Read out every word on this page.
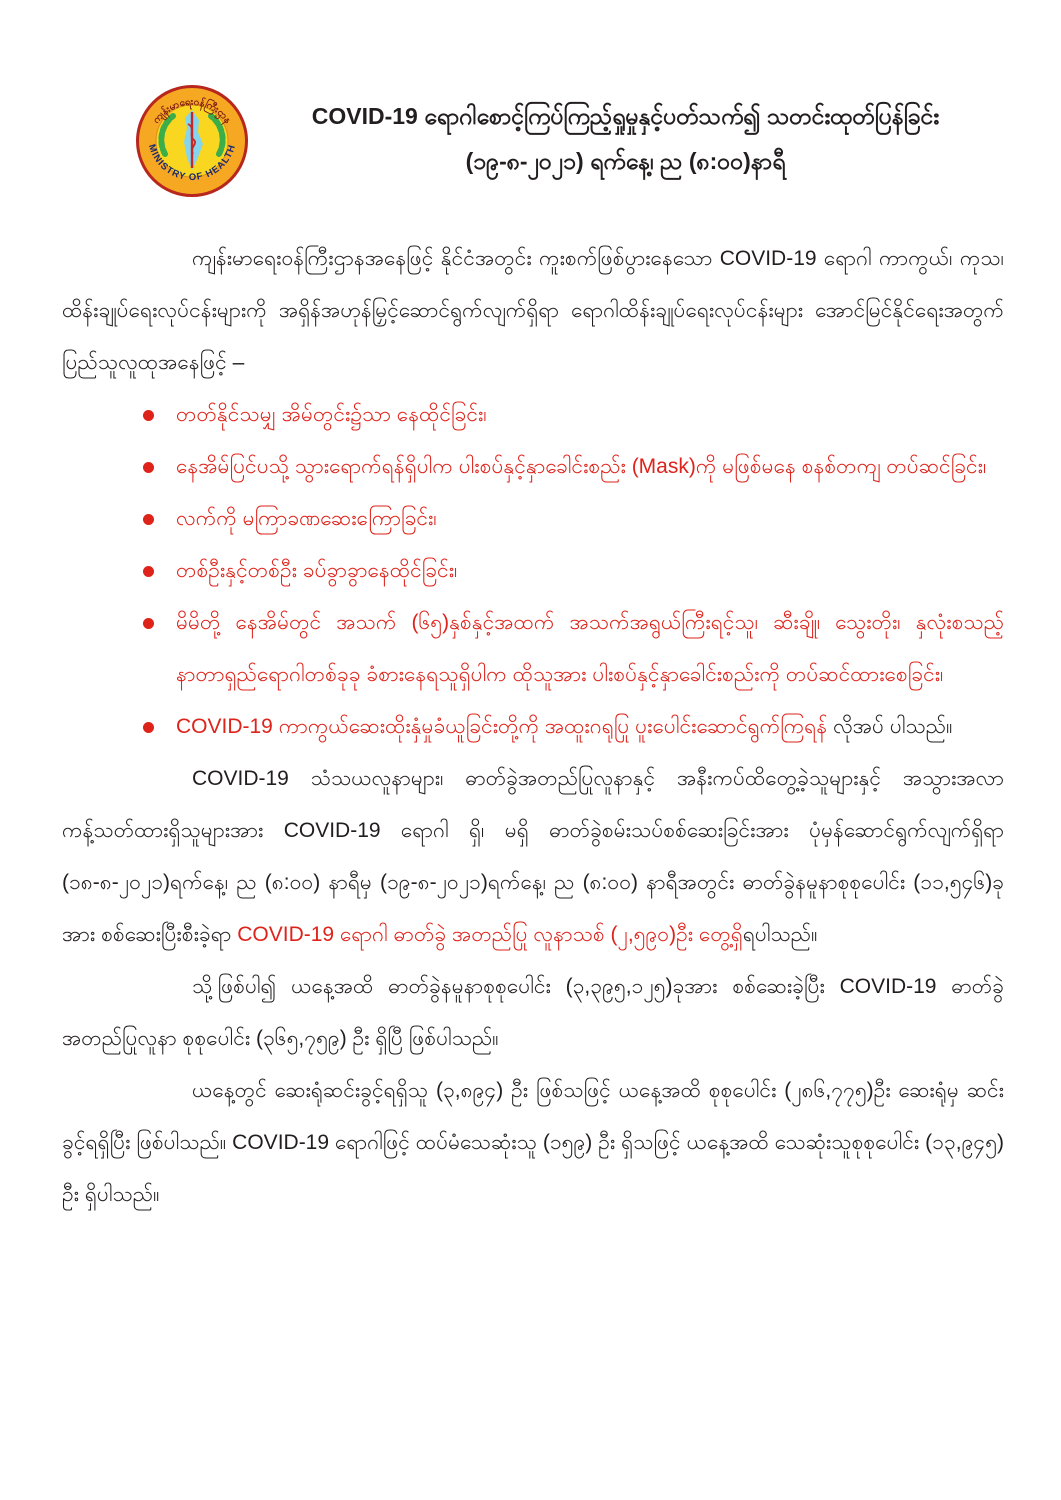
ကျန်းမာရေးဝန်ကြီးဌာန
MINISTRY OF HEALTH
COVID-19 ရောဂါစောင့်ကြပ်ကြည့်ရှုမှုနှင့်ပတ်သက်၍ သတင်းထုတ်ပြန်ခြင်း
(၁၉-၈-၂၀၂၁) ရက်နေ့၊ ည (၈:၀၀)နာရီ

ကျန်းမာရေးဝန်ကြီးဌာနအနေဖြင့် နိုင်ငံအတွင်း ကူးစက်ဖြစ်ပွားနေသော COVID-19 ရောဂါ ကာကွယ်၊ ကုသ၊ ထိန်းချုပ်ရေးလုပ်ငန်းများကို အရှိန်အဟုန်မြှင့်ဆောင်ရွက်လျက်ရှိရာ ရောဂါထိန်းချုပ်ရေးလုပ်ငန်းများ အောင်မြင်နိုင်ရေးအတွက် ပြည်သူလူထုအနေဖြင့် –

တတ်နိုင်သမျှ အိမ်တွင်း၌သာ နေထိုင်ခြင်း၊
နေအိမ်ပြင်ပသို့ သွားရောက်ရန်ရှိပါက ပါးစပ်နှင့်နှာခေါင်းစည်း (Mask)ကို မဖြစ်မနေ စနစ်တကျ တပ်ဆင်ခြင်း၊
လက်ကို မကြာခဏဆေးကြောခြင်း၊
တစ်ဦးနှင့်တစ်ဦး ခပ်ခွာခွာနေထိုင်ခြင်း၊
မိမိတို့ နေအိမ်တွင် အသက် (၆၅)နှစ်နှင့်အထက် အသက်အရွယ်ကြီးရင့်သူ၊ ဆီးချို၊ သွေးတိုး၊ နှလုံးစသည့် နာတာရှည်ရောဂါတစ်ခုခု ခံစားနေရသူရှိပါက ထိုသူအား ပါးစပ်နှင့်နှာခေါင်းစည်းကို တပ်ဆင်ထားစေခြင်း၊
COVID-19 ကာကွယ်ဆေးထိုးနှံမှုခံယူခြင်းတို့ကို အထူးဂရုပြု ပူးပေါင်းဆောင်ရွက်ကြရန် လိုအပ် ပါသည်။

COVID-19 သံသယလူနာများ၊ ဓာတ်ခွဲအတည်ပြုလူနာနှင့် အနီးကပ်ထိတွေ့ခဲ့သူများနှင့် အသွားအလာကန့်သတ်ထားရှိသူများအား COVID-19 ရောဂါ ရှိ၊ မရှိ ဓာတ်ခွဲစမ်းသပ်စစ်ဆေးခြင်းအား ပုံမှန်ဆောင်ရွက်လျက်ရှိရာ (၁၈-၈-၂၀၂၁)ရက်နေ့၊ ည (၈:၀၀) နာရီမှ (၁၉-၈-၂၀၂၁)ရက်နေ့၊ ည (၈:၀၀) နာရီအတွင်း ဓာတ်ခွဲနမူနာစုစုပေါင်း (၁၁,၅၄၆)ခုအား စစ်ဆေးပြီးစီးခဲ့ရာ COVID-19 ရောဂါ ဓာတ်ခွဲ အတည်ပြု လူနာသစ် (၂,၅၉၀)ဦး တွေ့ရှိရပါသည်။

သို့ဖြစ်ပါ၍ ယနေ့အထိ ဓာတ်ခွဲနမူနာစုစုပေါင်း (၃,၃၉၅,၁၂၅)ခုအား စစ်ဆေးခဲ့ပြီး COVID-19 ဓာတ်ခွဲ အတည်ပြုလူနာ စုစုပေါင်း (၃၆၅,၇၅၉) ဦး ရှိပြီ ဖြစ်ပါသည်။

ယနေ့တွင် ဆေးရုံဆင်းခွင့်ရရှိသူ (၃,၈၉၄) ဦး ဖြစ်သဖြင့် ယနေ့အထိ စုစုပေါင်း (၂၈၆,၇၇၅)ဦး ဆေးရုံမှ ဆင်းခွင့်ရရှိပြီး ဖြစ်ပါသည်။ COVID-19 ရောဂါဖြင့် ထပ်မံသေဆုံးသူ (၁၅၉) ဦး ရှိသဖြင့် ယနေ့အထိ သေဆုံးသူစုစုပေါင်း (၁၃,၉၄၅) ဦး ရှိပါသည်။
